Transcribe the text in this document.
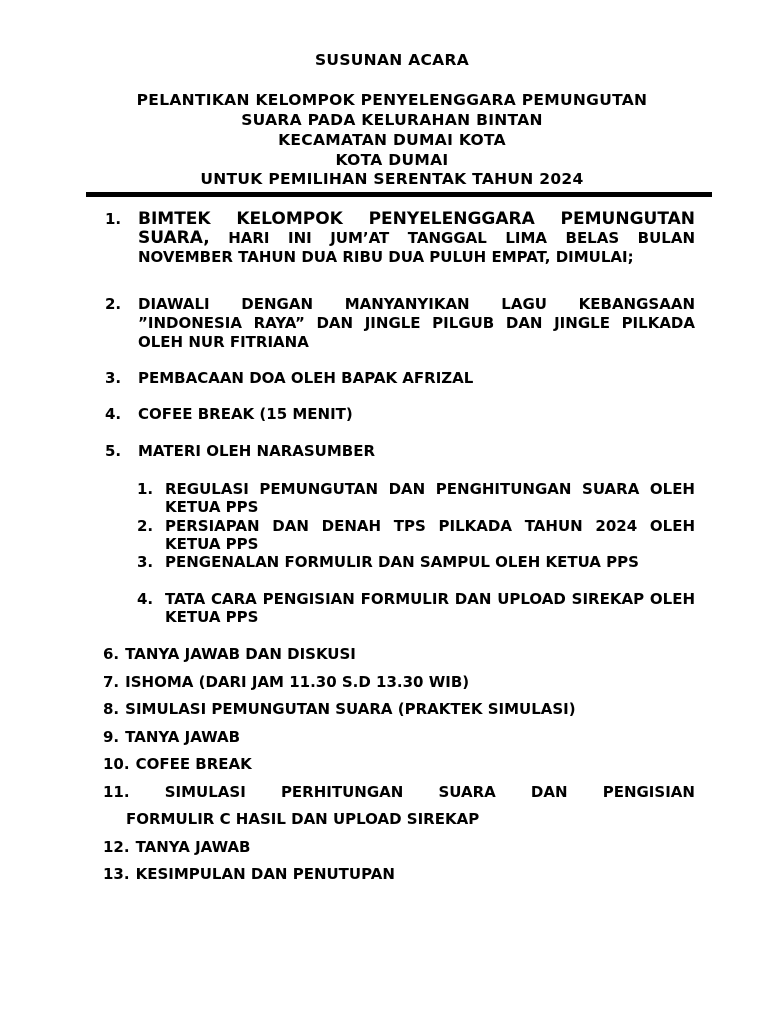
SUSUNAN ACARA
PELANTIKAN KELOMPOK PENYELENGGARA PEMUNGUTAN
SUARA PADA KELURAHAN BINTAN
KECAMATAN DUMAI KOTA
KOTA DUMAI
UNTUK PEMILIHAN SERENTAK TAHUN 2024
1. BIMTEK KELOMPOK PENYELENGGARA PEMUNGUTAN SUARA, HARI INI JUM’AT TANGGAL LIMA BELAS BULAN NOVEMBER TAHUN DUA RIBU DUA PULUH EMPAT, DIMULAI;
2.	DIAWALI DENGAN MANYANYIKAN LAGU KEBANGSAAN ”INDONESIA RAYA” DAN JINGLE PILGUB DAN JINGLE PILKADA OLEH NUR FITRIANA
3.	PEMBACAAN DOA OLEH BAPAK AFRIZAL
4.	COFEE BREAK (15 MENIT)
5.	MATERI OLEH NARASUMBER
1. REGULASI PEMUNGUTAN DAN PENGHITUNGAN SUARA OLEH KETUA PPS
2. PERSIAPAN DAN DENAH TPS PILKADA TAHUN 2024 OLEH KETUA PPS
3. PENGENALAN FORMULIR DAN SAMPUL OLEH KETUA PPS
4. TATA CARA PENGISIAN FORMULIR DAN UPLOAD SIREKAP OLEH KETUA PPS
6. TANYA JAWAB DAN DISKUSI
7. ISHOMA (DARI JAM 11.30 S.D 13.30 WIB)
8. SIMULASI PEMUNGUTAN SUARA (PRAKTEK SIMULASI)
9. TANYA JAWAB
10. COFEE BREAK
11. SIMULASI PERHITUNGAN SUARA DAN PENGISIAN
FORMULIR C HASIL DAN UPLOAD SIREKAP
12. TANYA JAWAB
13. KESIMPULAN DAN PENUTUPAN
